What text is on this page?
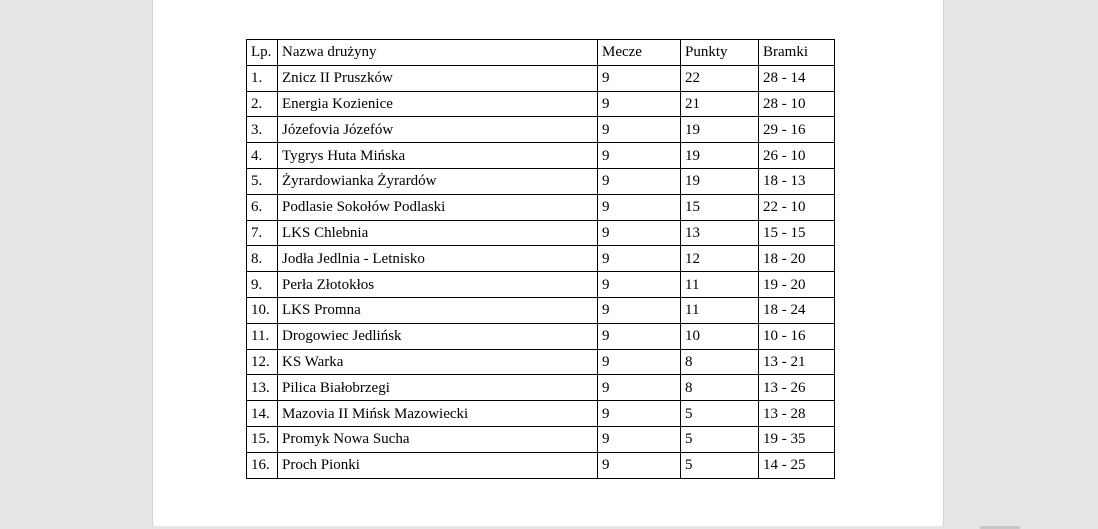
Lp.	Nazwa drużyny	Mecze	Punkty	Bramki
1.	Znicz II Pruszków	9	22	28 - 14
2.	Energia Kozienice	9	21	28 - 10
3.	Józefovia Józefów	9	19	29 - 16
4.	Tygrys Huta Mińska	9	19	26 - 10
5.	Żyrardowianka Żyrardów	9	19	18 - 13
6.	Podlasie Sokołów Podlaski	9	15	22 - 10
7.	LKS Chlebnia	9	13	15 - 15
8.	Jodła Jedlnia - Letnisko	9	12	18 - 20
9.	Perła Złotokłos	9	11	19 - 20
10.	LKS Promna	9	11	18 - 24
11.	Drogowiec Jedlińsk	9	10	10 - 16
12.	KS Warka	9	8	13 - 21
13.	Pilica Białobrzegi	9	8	13 - 26
14.	Mazovia II Mińsk Mazowiecki	9	5	13 - 28
15.	Promyk Nowa Sucha	9	5	19 - 35
16.	Proch Pionki	9	5	14 - 25
